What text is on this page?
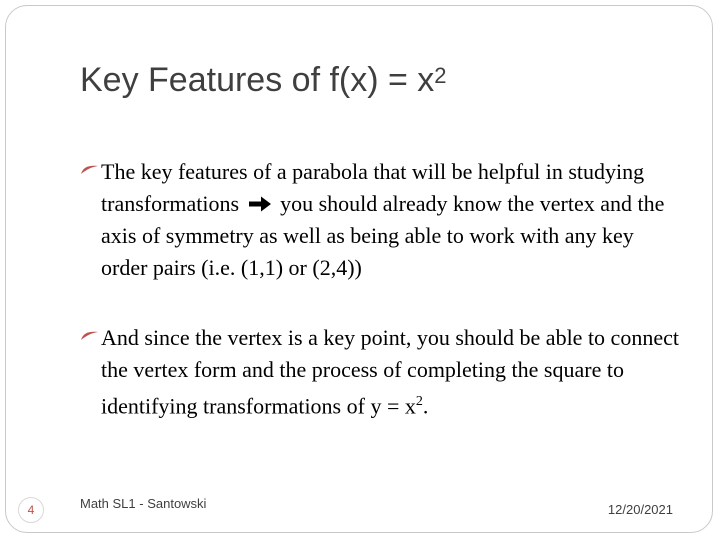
Key Features of $f(x) = x^2$
The key features of a parabola that will be helpful in studying transformations you should already know the vertex and the axis of symmetry as well as being able to work with any key order pairs (i.e. (1,1) or (2,4))
And since the vertex is a key point, you should be able to connect the vertex form and the process of completing the square to identifying transformations of $y = x^2$.
4	Math SL1 - Santowski	12/20/2021
